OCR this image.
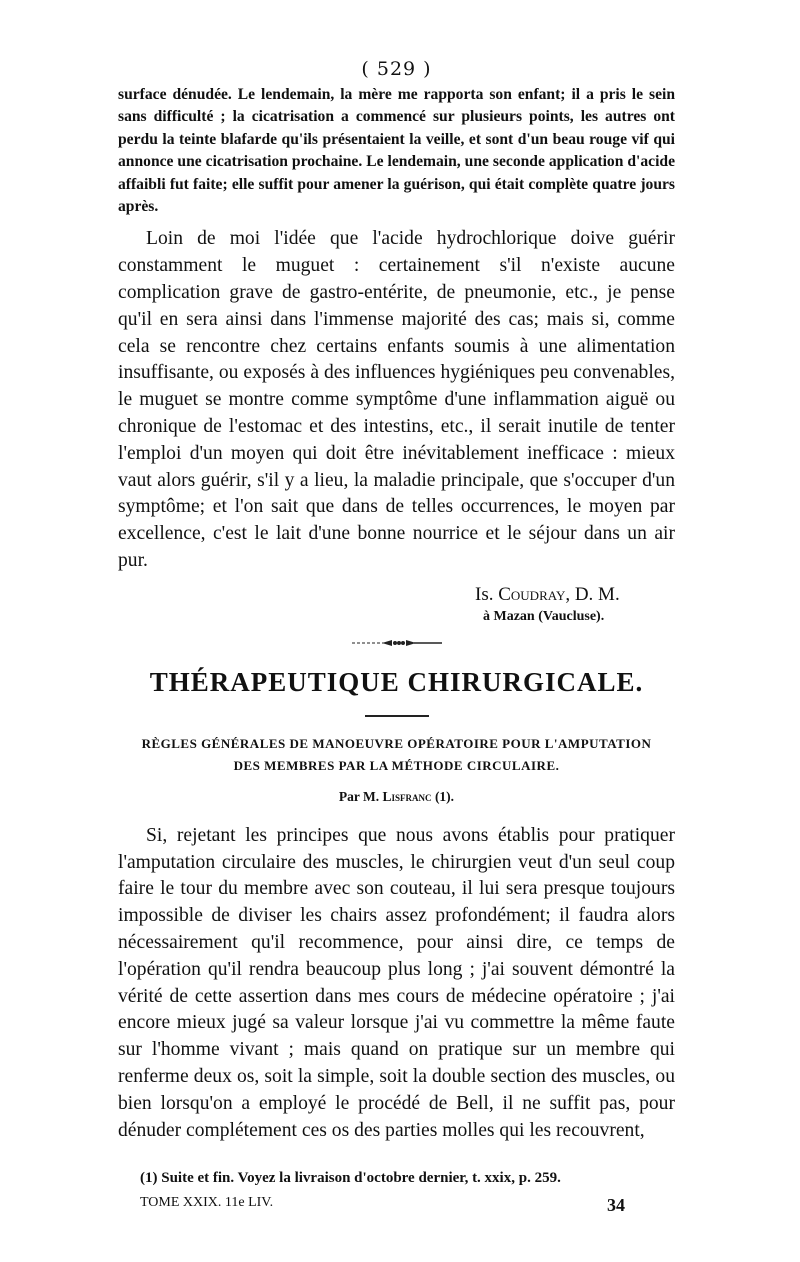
( 529 )

surface dénudée. Le lendemain, la mère me rapporta son enfant; il a pris le sein sans difficulté ; la cicatrisation a commencé sur plusieurs points, les autres ont perdu la teinte blafarde qu'ils présentaient la veille, et sont d'un beau rouge vif qui annonce une cicatrisation prochaine. Le lendemain, une seconde application d'acide affaibli fut faite; elle suffit pour amener la guérison, qui était complète quatre jours après.

Loin de moi l'idée que l'acide hydrochlorique doive guérir constamment le muguet : certainement s'il n'existe aucune complication grave de gastro-entérite, de pneumonie, etc., je pense qu'il en sera ainsi dans l'immense majorité des cas; mais si, comme cela se rencontre chez certains enfants soumis à une alimentation insuffisante, ou exposés à des influences hygiéniques peu convenables, le muguet se montre comme symptôme d'une inflammation aiguë ou chronique de l'estomac et des intestins, etc., il serait inutile de tenter l'emploi d'un moyen qui doit être inévitablement inefficace : mieux vaut alors guérir, s'il y a lieu, la maladie principale, que s'occuper d'un symptôme; et l'on sait que dans de telles occurrences, le moyen par excellence, c'est le lait d'une bonne nourrice et le séjour dans un air pur.

Is. Coudray, D. M.
à Mazan (Vaucluse).
THÉRAPEUTIQUE CHIRURGICALE.

RÈGLES GÉNÉRALES DE MANOEUVRE OPÉRATOIRE POUR L'AMPUTATION

DES MEMBRES PAR LA MÉTHODE CIRCULAIRE.

Par M. Lisfranc (1).

Si, rejetant les principes que nous avons établis pour pratiquer l'amputation circulaire des muscles, le chirurgien veut d'un seul coup faire le tour du membre avec son couteau, il lui sera presque toujours impossible de diviser les chairs assez profondément; il faudra alors nécessairement qu'il recommence, pour ainsi dire, ce temps de l'opération qu'il rendra beaucoup plus long ; j'ai souvent démontré la vérité de cette assertion dans mes cours de médecine opératoire ; j'ai encore mieux jugé sa valeur lorsque j'ai vu commettre la même faute sur l'homme vivant ; mais quand on pratique sur un membre qui renferme deux os, soit la simple, soit la double section des muscles, ou bien lorsqu'on a employé le procédé de Bell, il ne suffit pas, pour dénuder complétement ces os des parties molles qui les recouvrent,

(1) Suite et fin. Voyez la livraison d'octobre dernier, t. xxix, p. 259.
TOME XXIX. 11e LIV.	34
